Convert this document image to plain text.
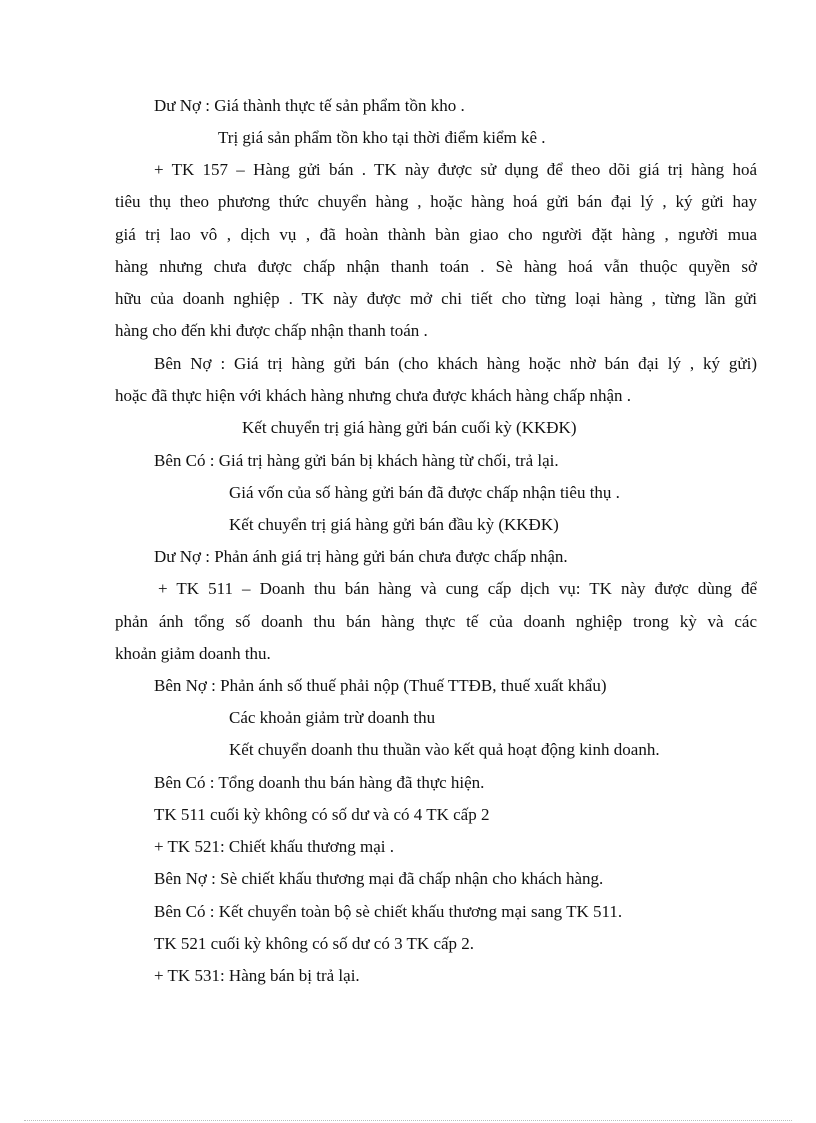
Dư Nợ : Giá thành thực tế sản phẩm tồn kho .
Trị giá sản phẩm tồn kho tại thời điểm kiểm kê .
+ TK 157 – Hàng gửi bán . TK này được sử dụng để theo dõi giá trị hàng hoá
tiêu thụ theo phương thức chuyển hàng , hoặc hàng hoá gửi bán đại lý , ký gửi hay
giá trị lao vô , dịch vụ , đã hoàn thành bàn giao cho người đặt hàng , người mua
hàng nhưng chưa được chấp nhận thanh toán . Sè hàng hoá vẫn thuộc quyền sở
hữu của doanh nghiệp . TK này được mở chi tiết cho từng loại hàng , từng lần gửi
hàng cho đến khi được chấp nhận thanh toán .
Bên Nợ : Giá trị hàng gửi bán (cho khách hàng hoặc nhờ bán đại lý , ký gửi)
hoặc đã thực hiện với khách hàng nhưng chưa được khách hàng chấp nhận .
Kết chuyển trị giá hàng gửi bán cuối kỳ (KKĐK)
Bên Có : Giá trị hàng gửi bán bị khách hàng từ chối, trả lại.
Giá vốn của số hàng gửi bán đã được chấp nhận tiêu thụ .
Kết chuyển trị giá hàng gửi bán đầu kỳ (KKĐK)
Dư Nợ : Phản ánh giá trị hàng gửi bán chưa được chấp nhận.
+ TK 511 – Doanh thu bán hàng và cung cấp dịch vụ: TK này được dùng để
phản ánh tổng số doanh thu bán hàng thực tế của doanh nghiệp trong kỳ và các
khoản giảm doanh thu.
Bên Nợ : Phản ánh số thuế phải nộp (Thuế TTĐB, thuế xuất khẩu)
Các khoản giảm trừ doanh thu
Kết chuyển doanh thu thuần vào kết quả hoạt động kinh doanh.
Bên Có : Tổng doanh thu bán hàng đã thực hiện.
TK 511 cuối kỳ không có số dư và có 4 TK cấp 2
+ TK 521: Chiết khấu thương mại .
Bên Nợ : Sè chiết khấu thương mại đã chấp nhận cho khách hàng.
Bên Có : Kết chuyển toàn bộ sè chiết khấu thương mại sang TK 511.
TK 521 cuối kỳ không có số dư có 3 TK cấp 2.
+ TK 531: Hàng bán bị trả lại.
